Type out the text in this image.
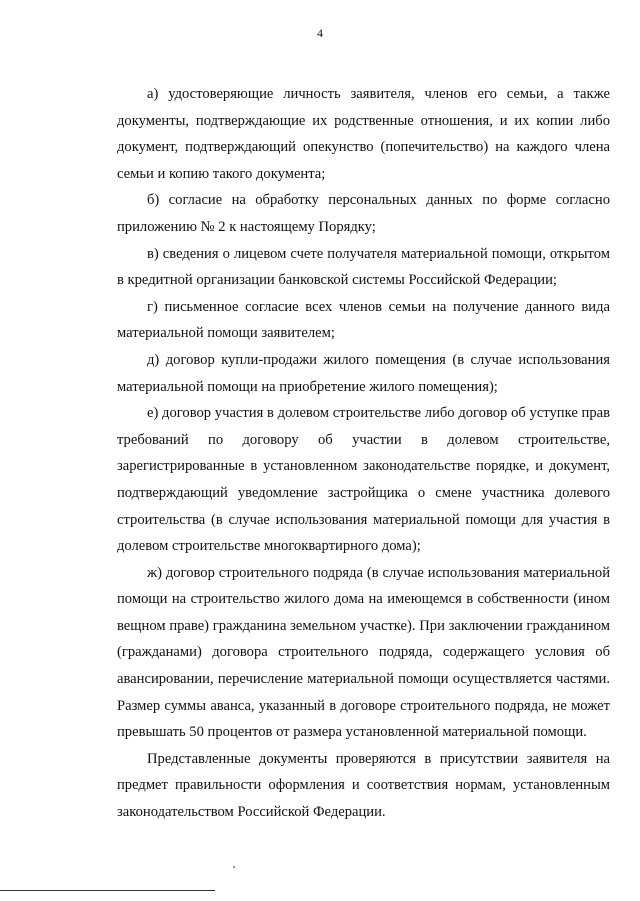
4

а) удостоверяющие личность заявителя, членов его семьи, а также документы, подтверждающие их родственные отношения, и их копии либо документ, подтверждающий опекунство (попечительство) на каждого члена семьи и копию такого документа;

б) согласие на обработку персональных данных по форме согласно приложению № 2 к настоящему Порядку;

в) сведения о лицевом счете получателя материальной помощи, открытом в кредитной организации банковской системы Российской Федерации;

г) письменное согласие всех членов семьи на получение данного вида материальной помощи заявителем;

д) договор купли-продажи жилого помещения (в случае использования материальной помощи на приобретение жилого помещения);

е) договор участия в долевом строительстве либо договор об уступке прав требований по договору об участии в долевом строительстве, зарегистрированные в установленном законодательстве порядке, и документ, подтверждающий уведомление застройщика о смене участника долевого строительства (в случае использования материальной помощи для участия в долевом строительстве многоквартирного дома);

ж) договор строительного подряда (в случае использования материальной помощи на строительство жилого дома на имеющемся в собственности (ином вещном праве) гражданина земельном участке). При заключении гражданином (гражданами) договора строительного подряда, содержащего условия об авансировании, перечисление материальной помощи осуществляется частями. Размер суммы аванса, указанный в договоре строительного подряда, не может превышать 50 процентов от размера установленной материальной помощи.

Представленные документы проверяются в присутствии заявителя на предмет правильности оформления и соответствия нормам, установленным законодательством Российской Федерации.
